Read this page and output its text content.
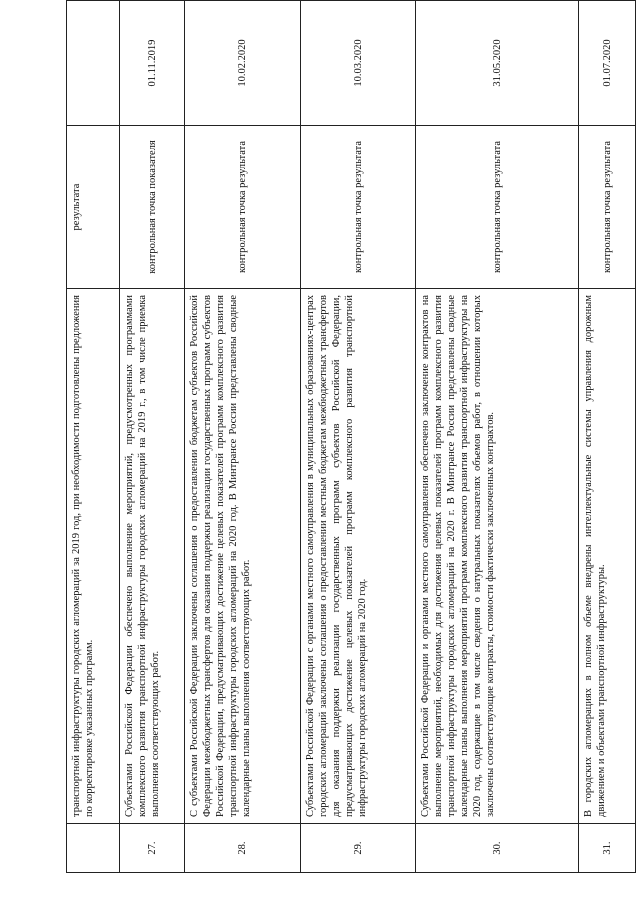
	транспортной инфраструктуры городских агломераций за 2019 год, при необходимости подготовлены предложения по корректировке указанных программ.	результата	
27.	Субъектами Российской Федерации обеспечено выполнение мероприятий, предусмотренных программами комплексного развития транспортной инфраструктуры городских агломераций на 2019 г., в том числе приемка выполнения соответствующих работ.	контрольная точка показателя	01.11.2019
28.	С субъектами Российской Федерации заключены соглашения о предоставлении бюджетам субъектов Российской Федерации межбюджетных трансфертов для оказания поддержки реализации государственных программ субъектов Российской Федерации, предусматривающих достижение целевых показателей программ комплексного развития транспортной инфраструктуры городских агломераций на 2020 год. В Минтрансе России представлены сводные календарные планы выполнения соответствующих работ.	контрольная точка результата	10.02.2020
29.	Субъектами Российской Федерации с органами местного самоуправления в муниципальных образованиях-центрах городских агломераций заключены соглашения о предоставлении местным бюджетам межбюджетных трансфертов для оказания поддержки реализации государственных программ субъектов Российской Федерации, предусматривающих достижение целевых показателей программ комплексного развития транспортной инфраструктуры городских агломераций на 2020 год.	контрольная точка результата	10.03.2020
30.	Субъектами Российской Федерации и органами местного самоуправления обеспечено заключение контрактов на выполнение мероприятий, необходимых для достижения целевых показателей программ комплексного развития транспортной инфраструктуры городских агломераций на 2020 г. В Минтрансе России представлены сводные календарные планы выполнения мероприятий программ комплексного развития транспортной инфраструктуры на 2020 год, содержащие в том числе сведения о натуральных показателях объемов работ, в отношении которых заключены соответствующие контракты, стоимости фактически заключенных контрактов.	контрольная точка результата	31.05.2020
31.	В городских агломерациях в полном объеме внедрены интеллектуальные системы управления дорожным движением и объектами транспортной инфраструктуры.	контрольная точка результата	01.07.2020
